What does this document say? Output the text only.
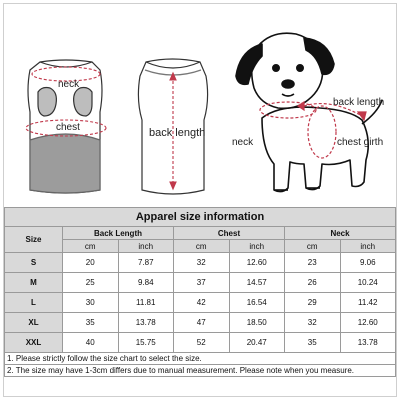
neck
chest	back length
back length
neck	chest girth
Apparel size information						
Size	Back Length		Chest		Neck	
	cm	inch	cm	inch	cm	inch
S	20	7.87	32	12.60	23	9.06
M	25	9.84	37	14.57	26	10.24
L	30	11.81	42	16.54	29	11.42
XL	35	13.78	47	18.50	32	12.60
XXL	40	15.75	52	20.47	35	13.78
1. Please strictly follow the size chart to select the size.						
2. The size may have 1-3cm differs due to manual measurement. Please note when you measure.						
